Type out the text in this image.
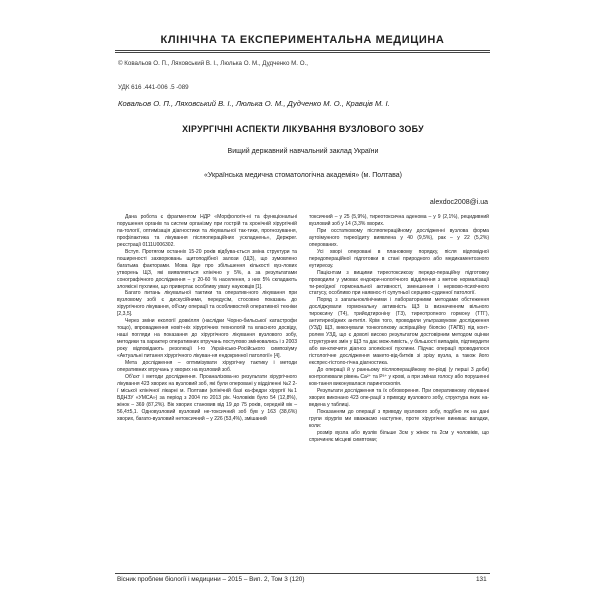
КЛІНІЧНА ТА ЕКСПЕРИМЕНТАЛЬНА МЕДИЦИНА
© Ковальов О. П., Ляховський В. І., Люлька О. М., Дудченко М. О.,
УДК 616 .441-006 .5 -089
Ковальов О. П., Ляховський В. І., Люлька О. М., Дудченко М. О., Кравців М. І.
ХІРУРГІЧНІ АСПЕКТИ ЛІКУВАННЯ ВУЗЛОВОГО ЗОБУ
Вищий державний навчальний заклад України
«Українська медична стоматологічна академія» (м. Полтава)
alexdoc2008@i.ua

Дана робота є фрагментом НДР «Морфологіч-ні та функціональні порушення органів та систем організму при гострій та хронічній хірургічній па-тології, оптимізація діагностики та лікувальної так-тики, прогнозування, профілактика та лікування післяопераційних ускладнень», Держрег. реєстрації 0111U006302.

Вступ. Протягом останніх 15-20 років відбува-ється зміна структури та поширеності захворювань щитоподібної залози (ЩЗ), що зумовлено багатьма факторами. Мова йде про збільшення кількості вуз-лових утворень ЩЗ, які виявляються клінічно у 5%, а за результатами сонографічного дослідження – у 20-60 % населення, з них 5% складають злоякісні пухлини, що привертає особливу увагу науковців [1].

Багато питань лікувальної тактики та оператив-ного лікування при вузловому зобі є дискусійними, передусім, стосовно показань до хірургічного лікування, об'єму операції та особливостей оперативної техніки [2,3,5].

Через зміни екології довкілля (наслідки Чорно-бильської катастрофи тощо), впровадження новіт-ніх хірургічних технологій та власного досвіду, наші погляди на показання до хірургічного лікування вузлового зобу, методики та характер оперативних втручань поступово змінювались і з 2003 року відповідають резолюції I-го Українсько-Російського симпозіуму «Актуальні питання хірургічного лікуван-ня ендокринної патології» [4].

Мета дослідження – оптимізувати хірургічну тактику і методи оперативних втручань у хворих на вузловий зоб.

Об'єкт і методи дослідження. Проаналізова-но результати хірургічного лікування 423 хворих на вузловий зоб, які були оперовані у відділенні №2 2-ї міської клінічної лікарні м. Полтави (клінічній базі ка-федри хірургії №1 ВДНЗУ «УМСА») за період з 2004 по 2013 рік. Чоловіків було 54 (12,8%), жінок – 369 (87,2%). Вік хворих становив від 19 до 75 років, середній вік – 56,4±5,1. Одновузловий вузловий не-токсичний зоб був у 163 (38,6%) хворих, багато-вузловий нетоксичний – у 226 (53,4%), змішаний

токсичний – у 25 (5,9%), тиреотоксична аденома – у 9 (2,1%), рецидивний вузловий зоб у 14 (3,3% хворих.

При осстатковому післяопераційному дослідженні вузлова форма аутоімунного тиреоїдиту виявлена у 40 (9,5%), рак – у 22 (5,2%) оперованих.

Усі хворі оперовані в плановому порядку, після відповідної передопераційної підготовки в стані природного або медикаментозного еутиреозу.

Пацієнтам з вищими тиреотоксикозу передо-пераційну підготовку проводили у умовах ендокри-нологічного відділення з метою нормалізації ти-реоїдної гормональної активності, зменшення і нервово-психічного статусу, особливо при наявнос-ті супутньої серцево-судинної патології.

Поряд з загальноклінічними і лабораторними методами обстеження досліджували гормональну активність ЩЗ із визначенням вільного тироксину (Т4), трийодтироніну (Т3), тиреотропного гормону (ТТГ), антитиреоїдних антитіл. Крім того, проводили ультразвукове дослідження (УЗД) ЩЗ, виконували тонкоголкову аспіраційну біопсію (ТАПБ) під конт-ролем УЗД, що є доволі високо результатом достовірним методом оцінки структурних змін у ЩЗ та дає мож-ливість, у більшості випадків, підтвердити або ви-ключити діагноз злоякісної пухлини. Підчас операції проводилося гістологічне дослідження макето-від-битків зі зрізу вузла, а також його експрес-гістоло-гічна діагностика.

До операції й у ранньому післяопераційному пе-ріоді (у перші 3 доби) контролювали рівень Ca²⁺ та P³⁺ у крові, а при змінах голосу або порушенні ков-тання виконувалася ларингоскопія.

Результати дослідження та їх обговорення. При оперативному лікуванні хворих виконано 423 опе-рації з приводу вузлового зобу, структура яких на-ведена у таблиці.

Показанням до операції з приводу вузлового зобу, подібно як на дані групи хірургів ми вважаємо наступне, проте хірургічне виникає вагадки, коли:

розмір вузла або вузлів більше 3см у жінок та 2см у чоловіків, що спричиняє місцеві симптоми;

Вісник проблем біології і медицини – 2015 – Вип. 2, Том 3 (120)	131
